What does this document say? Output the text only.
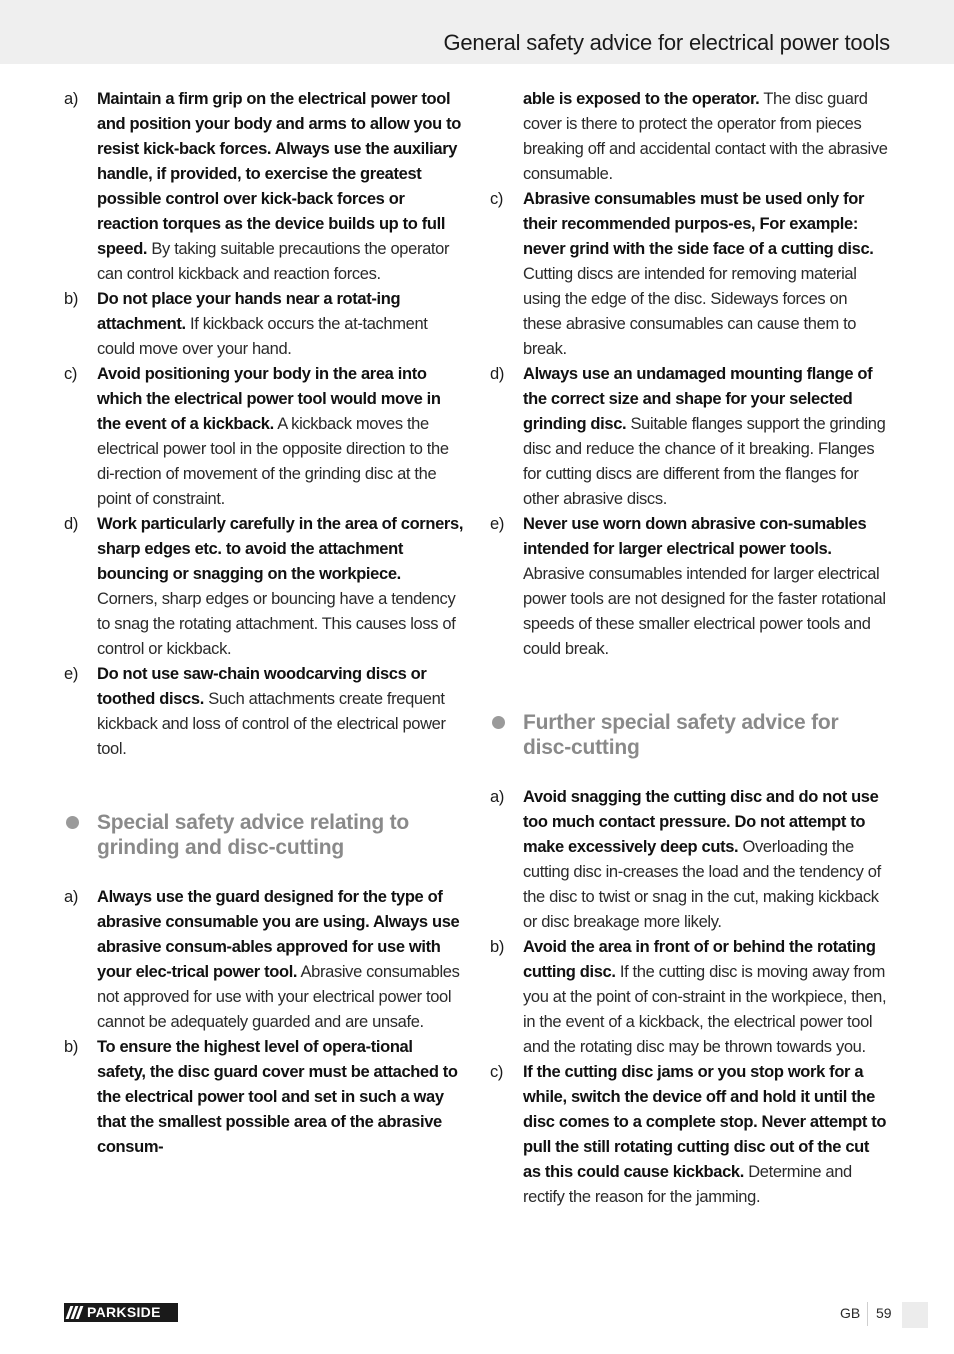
General safety advice for electrical power tools
a) Maintain a firm grip on the electrical power tool and position your body and arms to allow you to resist kick-back forces. Always use the auxiliary handle, if provided, to exercise the greatest possible control over kick-back forces or reaction torques as the device builds up to full speed. By taking suitable precautions the operator can control kickback and reaction forces.
b) Do not place your hands near a rotat-ing attachment. If kickback occurs the at-tachment could move over your hand.
c) Avoid positioning your body in the area into which the electrical power tool would move in the event of a kickback. A kickback moves the electrical power tool in the opposite direction to the di-rection of movement of the grinding disc at the point of constraint.
d) Work particularly carefully in the area of corners, sharp edges etc. to avoid the attachment bouncing or snagging on the workpiece. Corners, sharp edges or bouncing have a tendency to snag the rotating attachment. This causes loss of control or kickback.
e) Do not use saw-chain woodcarving discs or toothed discs. Such attachments create frequent kickback and loss of control of the electrical power tool.
Special safety advice relating to grinding and disc-cutting
a) Always use the guard designed for the type of abrasive consumable you are using. Always use abrasive consum-ables approved for use with your elec-trical power tool. Abrasive consumables not approved for use with your electrical power tool cannot be adequately guarded and are unsafe.
b) To ensure the highest level of opera-tional safety, the disc guard cover must be attached to the electrical power tool and set in such a way that the smallest possible area of the abrasive consum-
able is exposed to the operator. The disc guard cover is there to protect the operator from pieces breaking off and accidental contact with the abrasive consumable.
c) Abrasive consumables must be used only for their recommended purpos-es, For example: never grind with the side face of a cutting disc. Cutting discs are intended for removing material using the edge of the disc. Sideways forces on these abrasive consumables can cause them to break.
d) Always use an undamaged mounting flange of the correct size and shape for your selected grinding disc. Suitable flanges support the grinding disc and reduce the chance of it breaking. Flanges for cutting discs are different from the flanges for other abrasive discs.
e) Never use worn down abrasive con-sumables intended for larger electrical power tools. Abrasive consumables intended for larger electrical power tools are not designed for the faster rotational speeds of these smaller electrical power tools and could break.
Further special safety advice for disc-cutting
a) Avoid snagging the cutting disc and do not use too much contact pressure. Do not attempt to make excessively deep cuts. Overloading the cutting disc in-creases the load and the tendency of the disc to twist or snag in the cut, making kickback or disc breakage more likely.
b) Avoid the area in front of or behind the rotating cutting disc. If the cutting disc is moving away from you at the point of con-straint in the workpiece, then, in the event of a kickback, the electrical power tool and the rotating disc may be thrown towards you.
c) If the cutting disc jams or you stop work for a while, switch the device off and hold it until the disc comes to a complete stop. Never attempt to pull the still rotating cutting disc out of the cut as this could cause kickback. Determine and rectify the reason for the jamming.
PARKSIDE	GB 59
